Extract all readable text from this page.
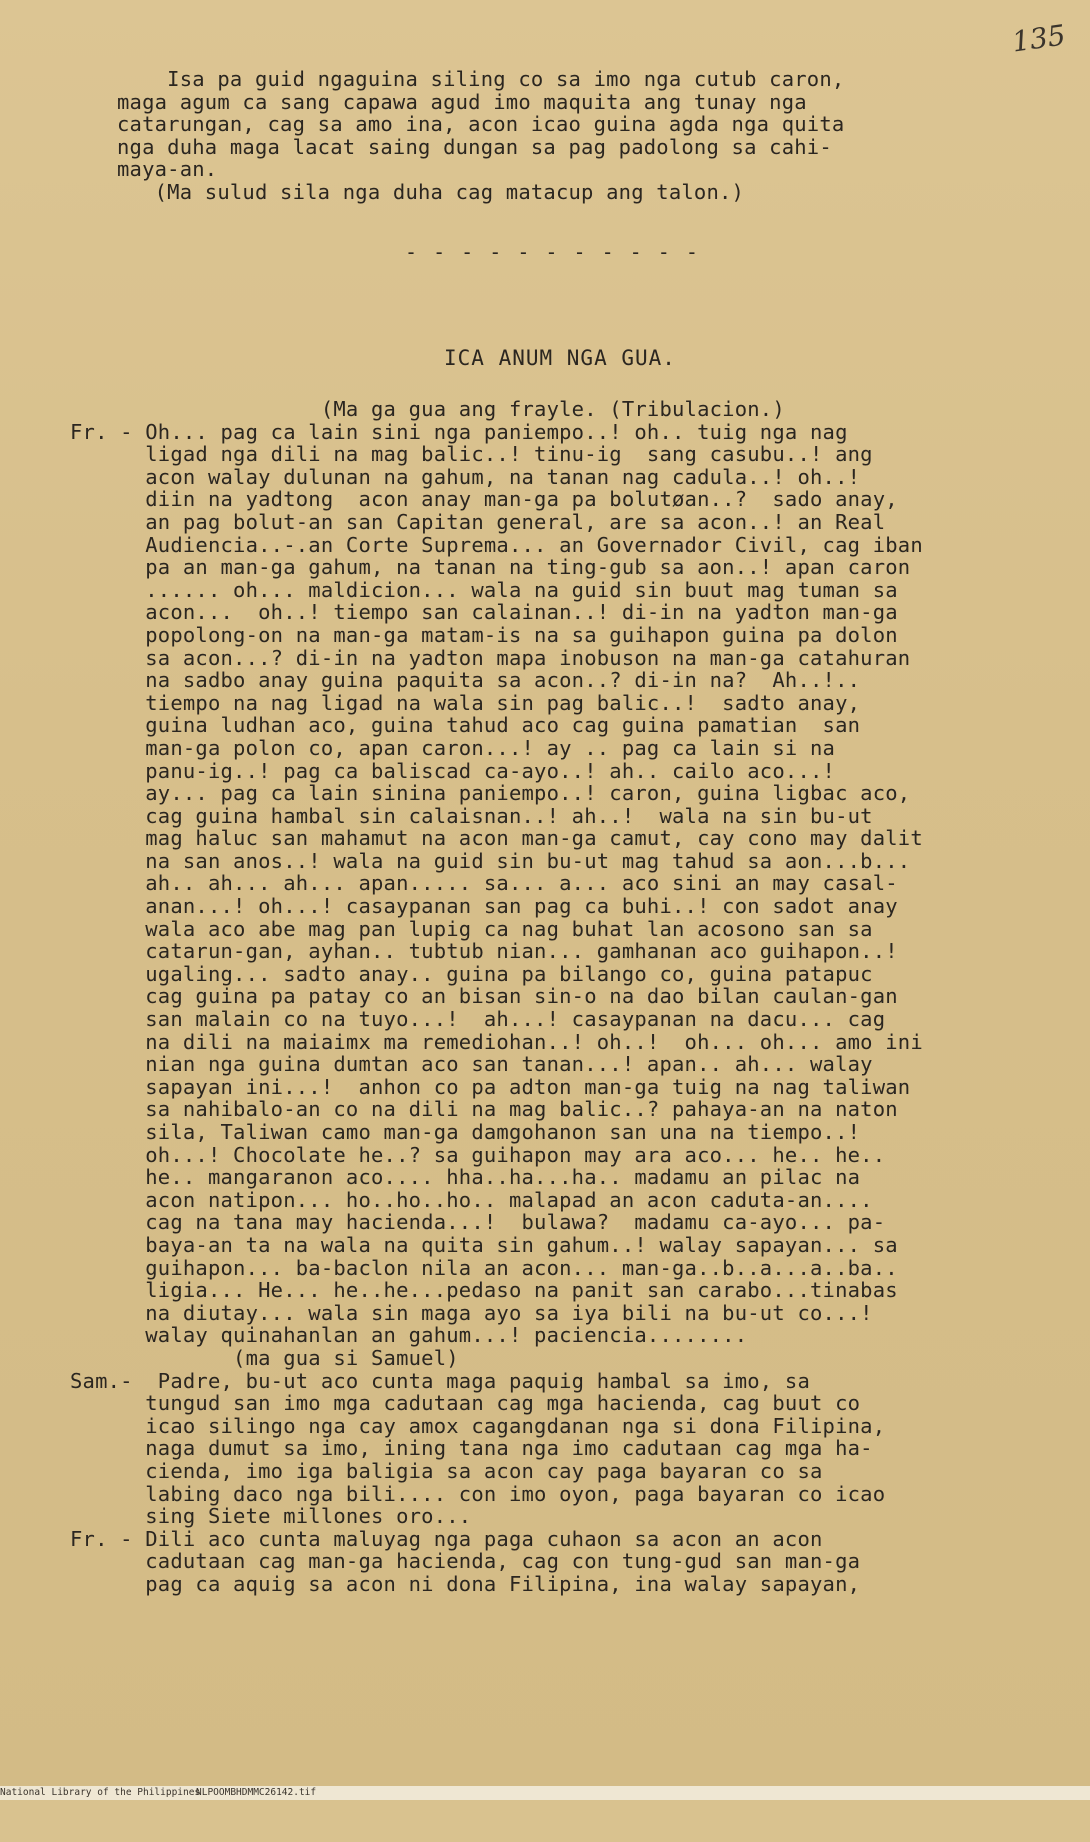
135
Isa pa guid ngaguina siling co sa imo nga cutub caron,
maga agum ca sang capawa agud imo maquita ang tunay nga
catarungan, cag sa amo ina, acon icao guina agda nga quita
nga duha maga lacat saing dungan sa pag padolong sa cahi-
maya-an.
(Ma sulud sila nga duha cag matacup ang talon.)
- - - - - - - - - - -
ICA ANUM NGA GUA.
(Ma ga gua ang frayle. (Tribulacion.)
Fr. - Oh... pag ca lain sini nga paniempo..! oh.. tuig nga nag
ligad nga dili na mag balic..! tinu-ig  sang casubu..! ang
acon walay dulunan na gahum, na tanan nag cadula..! oh..!
diin na yadtong  acon anay man-ga pa bolutøan..?  sado anay,
an pag bolut-an san Capitan general, are sa acon..! an Real
Audiencia..-.an Corte Suprema... an Governador Civil, cag iban
pa an man-ga gahum, na tanan na ting-gub sa aon..! apan caron
...... oh... maldicion... wala na guid sin buut mag tuman sa
acon...  oh..! tiempo san calainan..! di-in na yadton man-ga
popolong-on na man-ga matam-is na sa guihapon guina pa dolon
sa acon...? di-in na yadton mapa inobuson na man-ga catahuran
na sadbo anay guina paquita sa acon..? di-in na?  Ah..!..
tiempo na nag ligad na wala sin pag balic..!  sadto anay,
guina ludhan aco, guina tahud aco cag guina pamatian  san
man-ga polon co, apan caron...! ay .. pag ca lain si na
panu-ig..! pag ca baliscad ca-ayo..! ah.. cailo aco...!
ay... pag ca lain sinina paniempo..! caron, guina ligbac aco,
cag guina hambal sin calaisnan..! ah..!  wala na sin bu-ut
mag haluc san mahamut na acon man-ga camut, cay cono may dalit
na san anos..! wala na guid sin bu-ut mag tahud sa aon...b...
ah.. ah... ah... apan..... sa... a... aco sini an may casal-
anan...! oh...! casaypanan san pag ca buhi..! con sadot anay
wala aco abe mag pan lupig ca nag buhat lan acosono san sa
catarun-gan, ayhan.. tubtub nian... gamhanan aco guihapon..!
ugaling... sadto anay.. guina pa bilango co, guina patapuc
cag guina pa patay co an bisan sin-o na dao bilan caulan-gan
san malain co na tuyo...!  ah...! casaypanan na dacu... cag
na dili na maiaimx ma remediohan..! oh..!  oh... oh... amo ini
nian nga guina dumtan aco san tanan...! apan.. ah... walay
sapayan ini...!  anhon co pa adton man-ga tuig na nag taliwan
sa nahibalo-an co na dili na mag balic..? pahaya-an na naton
sila, Taliwan camo man-ga damgohanon san una na tiempo..!
oh...! Chocolate he..? sa guihapon may ara aco... he.. he..
he.. mangaranon aco.... hha..ha...ha.. madamu an pilac na
acon natipon... ho..ho..ho.. malapad an acon caduta-an....
cag na tana may hacienda...!  bulawa?  madamu ca-ayo... pa-
baya-an ta na wala na quita sin gahum..! walay sapayan... sa
guihapon... ba-baclon nila an acon... man-ga..b..a...a..ba..
ligia... He... he..he...pedaso na panit san carabo...tinabas
na diutay... wala sin maga ayo sa iya bili na bu-ut co...!
walay quinahanlan an gahum...! paciencia........
(ma gua si Samuel)
Sam.-  Padre, bu-ut aco cunta maga paquig hambal sa imo, sa
tungud san imo mga cadutaan cag mga hacienda, cag buut co
icao silingo nga cay amox cagangdanan nga si dona Filipina,
naga dumut sa imo, ining tana nga imo cadutaan cag mga ha-
cienda, imo iga baligia sa acon cay paga bayaran co sa
labing daco nga bili.... con imo oyon, paga bayaran co icao
sing Siete millones oro...
Fr. - Dili aco cunta maluyag nga paga cuhaon sa acon an acon
cadutaan cag man-ga hacienda, cag con tung-gud san man-ga
pag ca aquig sa acon ni dona Filipina, ina walay sapayan,

National Library of the Philippines

NLPOOMBHDMMC26142.tif
